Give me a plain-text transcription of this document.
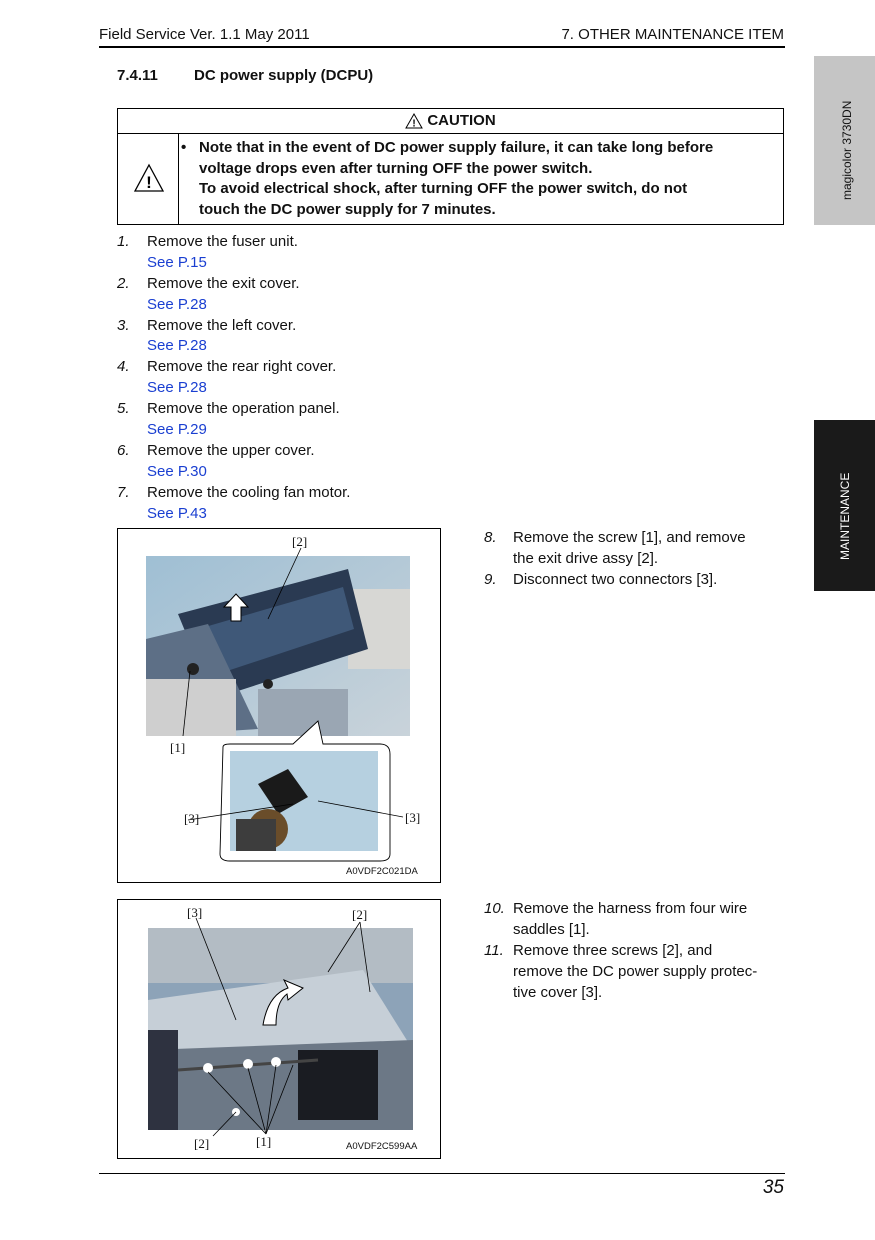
Field Service Ver. 1.1 May 2011	7. OTHER MAINTENANCE ITEM
7.4.11 DC power supply (DCPU)
! CAUTION
!
• Note that in the event of DC power supply failure, it can take long before
voltage drops even after turning OFF the power switch.
To avoid electrical shock, after turning OFF the power switch, do not
touch the DC power supply for 7 minutes.
1. Remove the fuser unit.
See P.15
2. Remove the exit cover.
See P.28
3. Remove the left cover.
See P.28
4. Remove the rear right cover.
See P.28
5. Remove the operation panel.
See P.29
6. Remove the upper cover.
See P.30
7. Remove the cooling fan motor.
See P.43
[2]
[1]
[3]	[3]
A0VDF2C021DA
8. Remove the screw [1], and remove
the exit drive assy [2].
9. Disconnect two connectors [3].
[3]	[2]
[2]	[1]	A0VDF2C599AA
10. Remove the harness from four wire
saddles [1].
11. Remove three screws [2], and
remove the DC power supply protec-
tive cover [3].
magicolor 3730DN
MAINTENANCE
35
